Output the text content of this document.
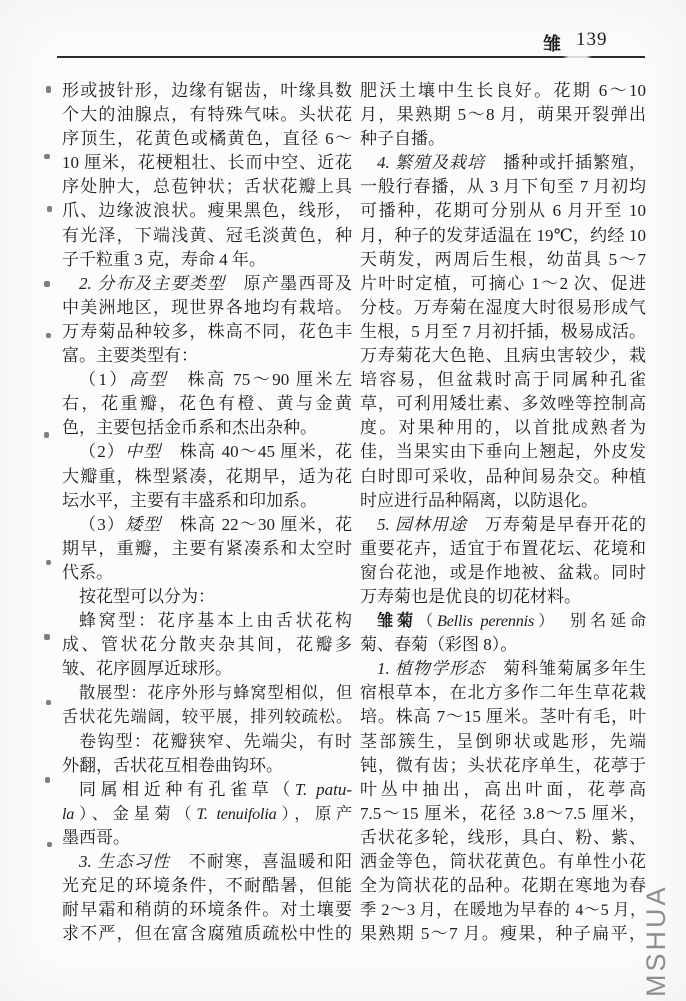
雏 139
形或披针形，边缘有锯齿，叶缘具数
个大的油腺点，有特殊气味。头状花
序顶生，花黄色或橘黄色，直径 6～
10 厘米，花梗粗壮、长而中空、近花
序处肿大，总苞钟状；舌状花瓣上具
爪、边缘波浪状。瘦果黑色，线形，
有光泽，下端浅黄、冠毛淡黄色，种
子千粒重 3 克，寿命 4 年。
2. 分布及主要类型　原产墨西哥及
中美洲地区，现世界各地均有栽培。
万寿菊品种较多，株高不同，花色丰
富。主要类型有：
（1）高型　株高 75～90 厘米左
右，花重瓣，花色有橙、黄与金黄
色，主要包括金币系和杰出杂种。
（2）中型　株高 40～45 厘米，花
大瓣重，株型紧凑，花期早，适为花
坛水平，主要有丰盛系和印加系。
（3）矮型　株高 22～30 厘米，花
期早，重瓣，主要有紧凑系和太空时
代系。
按花型可以分为：
蜂窝型：花序基本上由舌状花构
成、管状花分散夹杂其间，花瓣多
皱、花序圆厚近球形。
散展型：花序外形与蜂窝型相似，但
舌状花先端阔，较平展，排列较疏松。
卷钩型：花瓣狭窄、先端尖，有时
外翻，舌状花互相卷曲钩环。
同属相近种有孔雀草（T. patu-
la）、金星菊（T. tenuifolia），原产
墨西哥。
3. 生态习性　不耐寒，喜温暖和阳
光充足的环境条件，不耐酷暑，但能
耐早霜和稍荫的环境条件。对土壤要
求不严，但在富含腐殖质疏松中性的
肥沃土壤中生长良好。花期 6～10
月，果熟期 5～8 月，萌果开裂弹出
种子自播。
4. 繁殖及栽培　播种或扦插繁殖，
一般行春播，从 3 月下旬至 7 月初均
可播种，花期可分别从 6 月开至 10
月，种子的发芽适温在 19℃，约经 10
天萌发，两周后生根，幼苗具 5～7
片叶时定植，可摘心 1～2 次、促进
分枝。万寿菊在湿度大时很易形成气
生根，5 月至 7 月初扦插，极易成活。
万寿菊花大色艳、且病虫害较少，栽
培容易，但盆栽时高于同属种孔雀
草，可利用矮壮素、多效唑等控制高
度。对果种用的，以首批成熟者为
佳，当果实由下垂向上翘起，外皮发
白时即可采收，品种间易杂交。种植
时应进行品种隔离，以防退化。
5. 园林用途　万寿菊是早春开花的
重要花卉，适宜于布置花坛、花境和
窗台花池，或是作地被、盆栽。同时
万寿菊也是优良的切花材料。
雏菊（Bellis perennis）　别名延命
菊、春菊（彩图 8）。
1. 植物学形态　菊科雏菊属多年生
宿根草本，在北方多作二年生草花栽
培。株高 7～15 厘米。茎叶有毛，叶
茎部簇生，呈倒卵状或匙形，先端
钝，微有齿；头状花序单生，花葶于
叶丛中抽出，高出叶面，花葶高
7.5～15 厘米，花径 3.8～7.5 厘米，
舌状花多轮，线形，具白、粉、紫、
洒金等色，筒状花黄色。有单性小花
全为筒状花的品种。花期在寒地为春
季 2～3 月，在暖地为早春的 4～5 月，
果熟期 5～7 月。瘦果，种子扁平，
MSHUA
